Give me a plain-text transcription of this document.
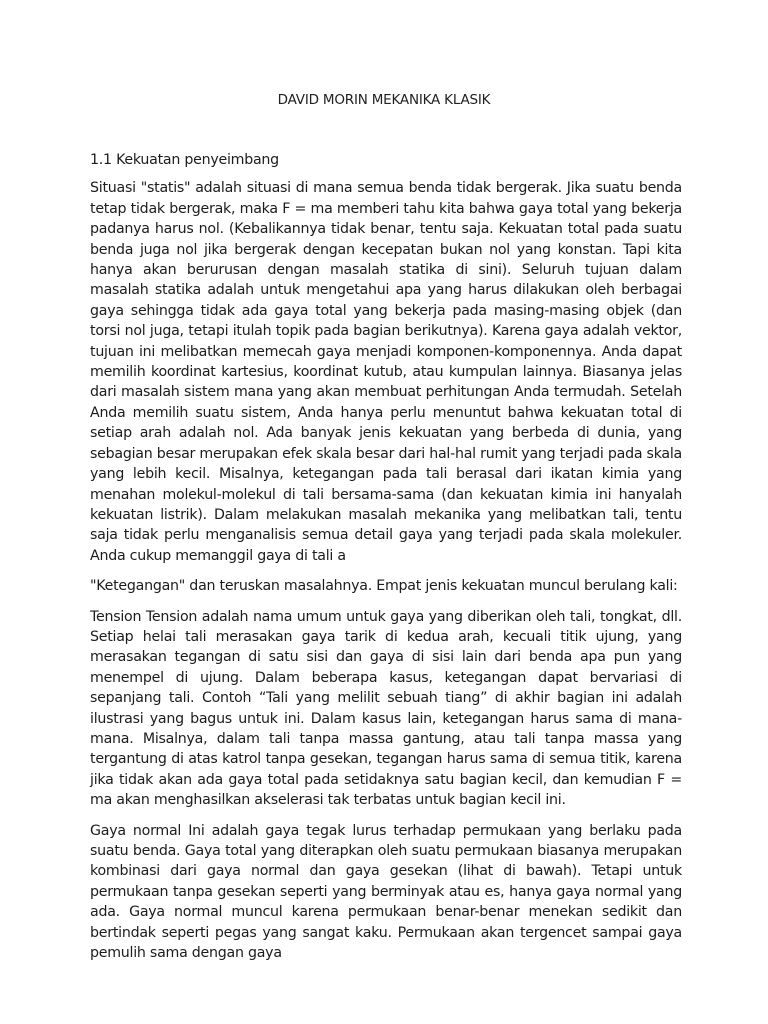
DAVID MORIN MEKANIKA KLASIK

1.1 Kekuatan penyeimbang

Situasi "statis" adalah situasi di mana semua benda tidak bergerak. Jika suatu benda tetap tidak bergerak, maka F = ma memberi tahu kita bahwa gaya total yang bekerja padanya harus nol. (Kebalikannya tidak benar, tentu saja. Kekuatan total pada suatu benda juga nol jika bergerak dengan kecepatan bukan nol yang konstan. Tapi kita hanya akan berurusan dengan masalah statika di sini). Seluruh tujuan dalam masalah statika adalah untuk mengetahui apa yang harus dilakukan oleh berbagai gaya sehingga tidak ada gaya total yang bekerja pada masing-masing objek (dan torsi nol juga, tetapi itulah topik pada bagian berikutnya). Karena gaya adalah vektor, tujuan ini melibatkan memecah gaya menjadi komponen-komponennya. Anda dapat memilih koordinat kartesius, koordinat kutub, atau kumpulan lainnya. Biasanya jelas dari masalah sistem mana yang akan membuat perhitungan Anda termudah. Setelah Anda memilih suatu sistem, Anda hanya perlu menuntut bahwa kekuatan total di setiap arah adalah nol. Ada banyak jenis kekuatan yang berbeda di dunia, yang sebagian besar merupakan efek skala besar dari hal-hal rumit yang terjadi pada skala yang lebih kecil. Misalnya, ketegangan pada tali berasal dari ikatan kimia yang menahan molekul-molekul di tali bersama-sama (dan kekuatan kimia ini hanyalah kekuatan listrik). Dalam melakukan masalah mekanika yang melibatkan tali, tentu saja tidak perlu menganalisis semua detail gaya yang terjadi pada skala molekuler. Anda cukup memanggil gaya di tali a

"Ketegangan" dan teruskan masalahnya. Empat jenis kekuatan muncul berulang kali:

Tension Tension adalah nama umum untuk gaya yang diberikan oleh tali, tongkat, dll. Setiap helai tali merasakan gaya tarik di kedua arah, kecuali titik ujung, yang merasakan tegangan di satu sisi dan gaya di sisi lain dari benda apa pun yang menempel di ujung. Dalam beberapa kasus, ketegangan dapat bervariasi di sepanjang tali. Contoh “Tali yang melilit sebuah tiang” di akhir bagian ini adalah ilustrasi yang bagus untuk ini. Dalam kasus lain, ketegangan harus sama di mana-mana. Misalnya, dalam tali tanpa massa gantung, atau tali tanpa massa yang tergantung di atas katrol tanpa gesekan, tegangan harus sama di semua titik, karena jika tidak akan ada gaya total pada setidaknya satu bagian kecil, dan kemudian F = ma akan menghasilkan akselerasi tak terbatas untuk bagian kecil ini.

Gaya normal Ini adalah gaya tegak lurus terhadap permukaan yang berlaku pada suatu benda. Gaya total yang diterapkan oleh suatu permukaan biasanya merupakan kombinasi dari gaya normal dan gaya gesekan (lihat di bawah). Tetapi untuk permukaan tanpa gesekan seperti yang berminyak atau es, hanya gaya normal yang ada. Gaya normal muncul karena permukaan benar-benar menekan sedikit dan bertindak seperti pegas yang sangat kaku. Permukaan akan tergencet sampai gaya pemulih sama dengan gaya
